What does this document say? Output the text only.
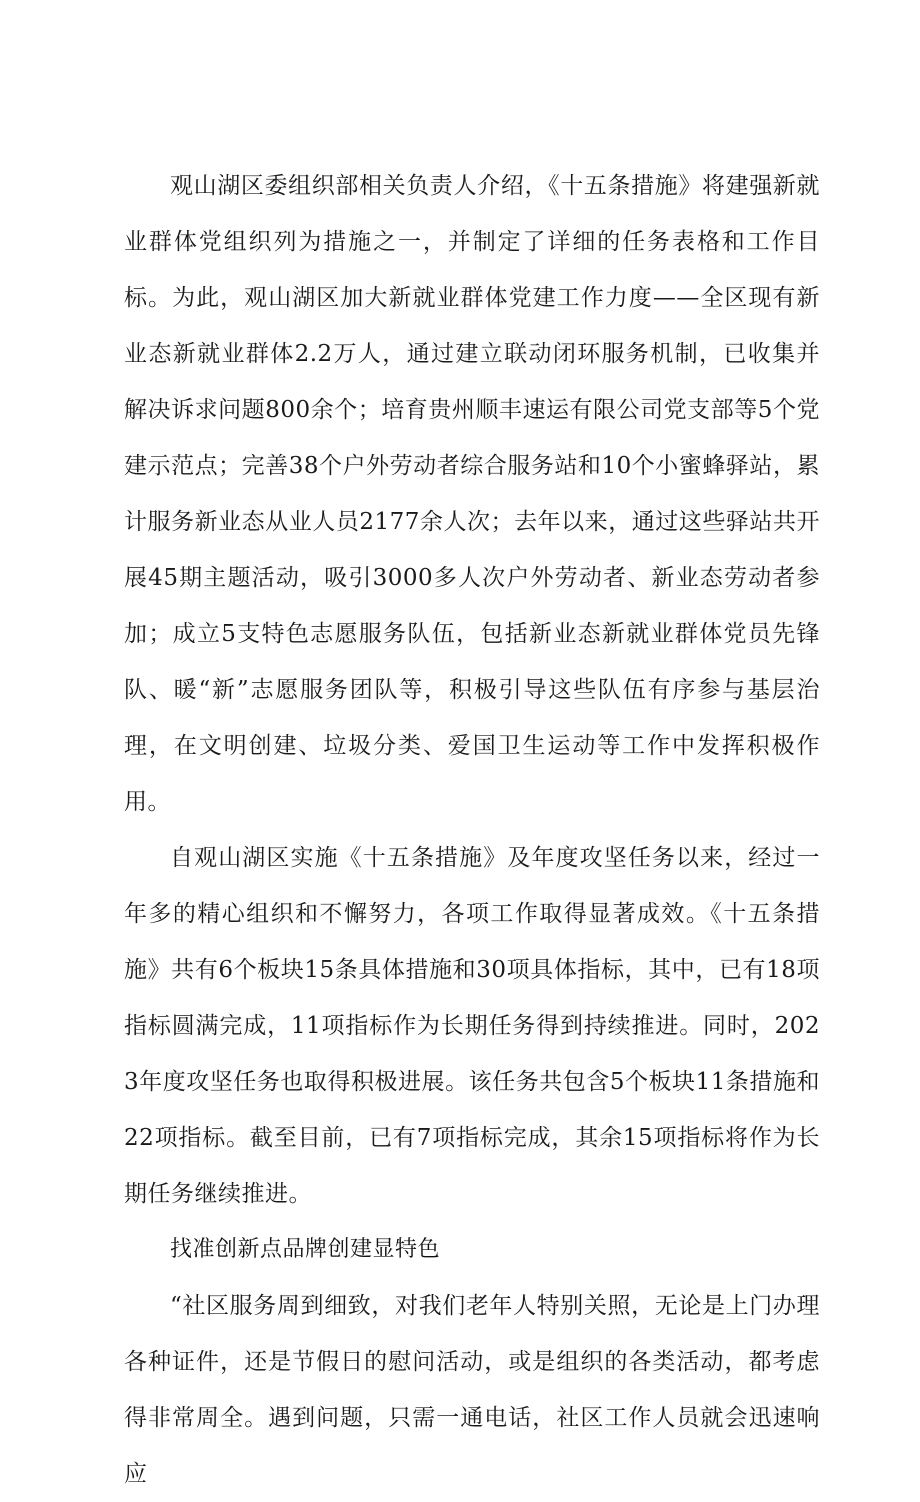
观山湖区委组织部相关负责人介绍，《十五条措施》将建强新就业群体党组织列为措施之一，并制定了详细的任务表格和工作目标。为此，观山湖区加大新就业群体党建工作力度——全区现有新业态新就业群体2.2万人，通过建立联动闭环服务机制，已收集并解决诉求问题800余个；培育贵州顺丰速运有限公司党支部等5个党建示范点；完善38个户外劳动者综合服务站和10个小蜜蜂驿站，累计服务新业态从业人员2177余人次；去年以来，通过这些驿站共开展45期主题活动，吸引3000多人次户外劳动者、新业态劳动者参加；成立5支特色志愿服务队伍，包括新业态新就业群体党员先锋队、暖“新”志愿服务团队等，积极引导这些队伍有序参与基层治理，在文明创建、垃圾分类、爱国卫生运动等工作中发挥积极作用。

自观山湖区实施《十五条措施》及年度攻坚任务以来，经过一年多的精心组织和不懈努力，各项工作取得显著成效。《十五条措施》共有6个板块15条具体措施和30项具体指标，其中，已有18项指标圆满完成，11项指标作为长期任务得到持续推进。同时，2023年度攻坚任务也取得积极进展。该任务共包含5个板块11条措施和22项指标。截至目前，已有7项指标完成，其余15项指标将作为长期任务继续推进。

找准创新点品牌创建显特色

“社区服务周到细致，对我们老年人特别关照，无论是上门办理各种证件，还是节假日的慰问活动，或是组织的各类活动，都考虑得非常周全。遇到问题，只需一通电话，社区工作人员就会迅速响应
